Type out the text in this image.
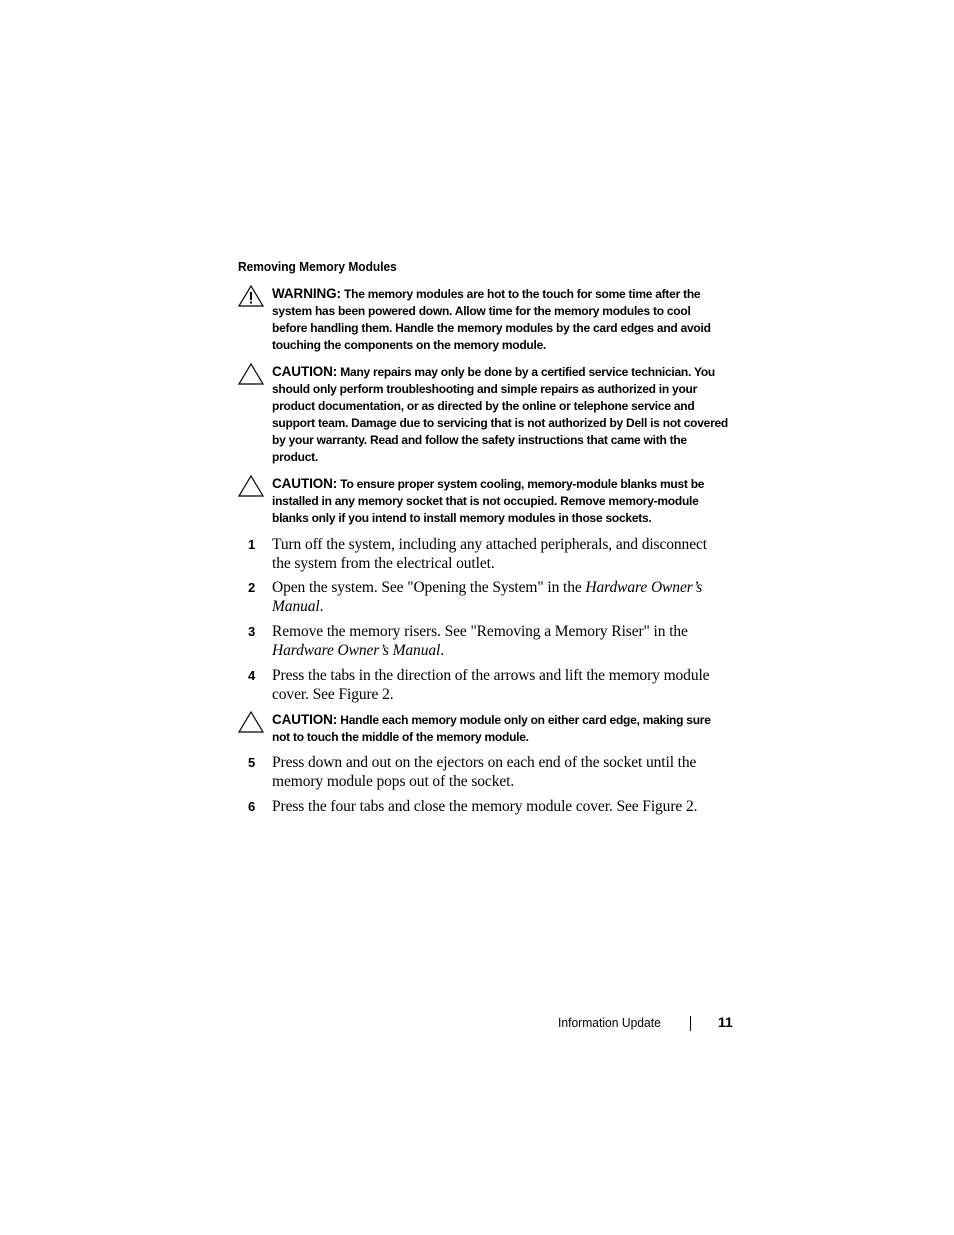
Removing Memory Modules
WARNING: The memory modules are hot to the touch for some time after the system has been powered down. Allow time for the memory modules to cool before handling them. Handle the memory modules by the card edges and avoid touching the components on the memory module.
CAUTION: Many repairs may only be done by a certified service technician. You should only perform troubleshooting and simple repairs as authorized in your product documentation, or as directed by the online or telephone service and support team. Damage due to servicing that is not authorized by Dell is not covered by your warranty. Read and follow the safety instructions that came with the product.
CAUTION: To ensure proper system cooling, memory-module blanks must be installed in any memory socket that is not occupied. Remove memory-module blanks only if you intend to install memory modules in those sockets.
1 Turn off the system, including any attached peripherals, and disconnect the system from the electrical outlet.
2 Open the system. See "Opening the System" in the Hardware Owner’s Manual.
3 Remove the memory risers. See "Removing a Memory Riser" in the Hardware Owner’s Manual.
4 Press the tabs in the direction of the arrows and lift the memory module cover. See Figure 2.
CAUTION: Handle each memory module only on either card edge, making sure not to touch the middle of the memory module.
5 Press down and out on the ejectors on each end of the socket until the memory module pops out of the socket.
6 Press the four tabs and close the memory module cover. See Figure 2.
Information Update	11
